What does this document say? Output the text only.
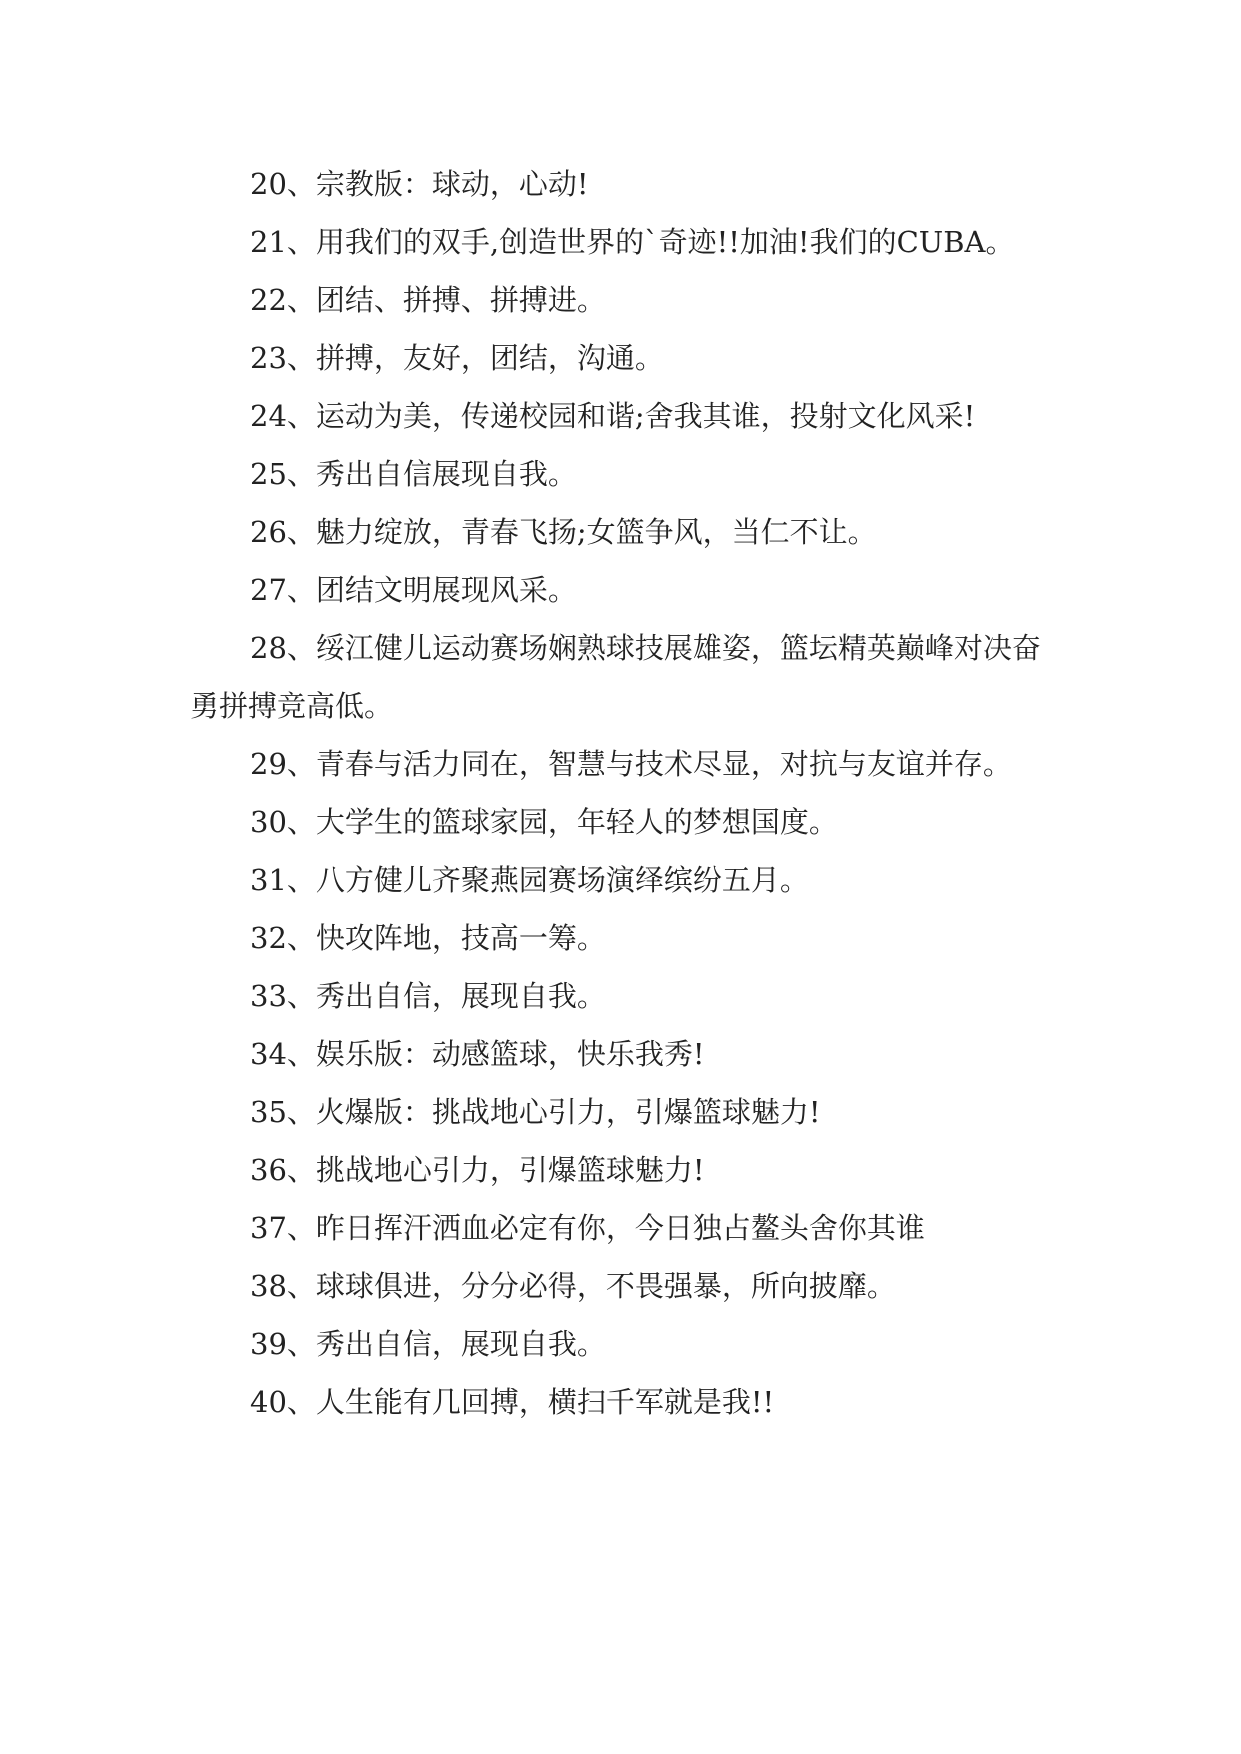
20、宗教版：球动，心动!

21、用我们的双手,创造世界的`奇迹!!加油!我们的CUBA。

22、团结、拼搏、拼搏进。

23、拼搏，友好，团结，沟通。

24、运动为美，传递校园和谐;舍我其谁，投射文化风采!

25、秀出自信展现自我。

26、魅力绽放，青春飞扬;女篮争风，当仁不让。

27、团结文明展现风采。

28、绥江健儿运动赛场娴熟球技展雄姿，篮坛精英巅峰对决奋勇拼搏竞高低。

29、青春与活力同在，智慧与技术尽显，对抗与友谊并存。

30、大学生的篮球家园，年轻人的梦想国度。

31、八方健儿齐聚燕园赛场演绎缤纷五月。

32、快攻阵地，技高一筹。

33、秀出自信，展现自我。

34、娱乐版：动感篮球，快乐我秀!

35、火爆版：挑战地心引力，引爆篮球魅力!

36、挑战地心引力，引爆篮球魅力!

37、昨日挥汗洒血必定有你，今日独占鳌头舍你其谁

38、球球俱进，分分必得，不畏强暴，所向披靡。

39、秀出自信，展现自我。

40、人生能有几回搏，横扫千军就是我!!
